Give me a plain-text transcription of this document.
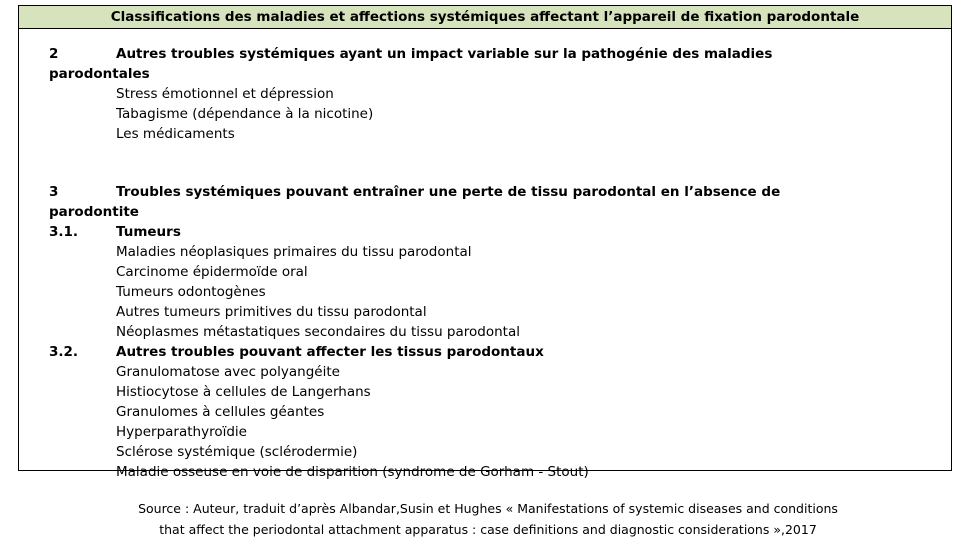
Classifications des maladies et affections systémiques affectant l’appareil de fixation parodontale
2	Autres troubles systémiques ayant un impact variable sur la pathogénie des maladies
parodontales
Stress émotionnel et dépression
Tabagisme (dépendance à la nicotine)
Les médicaments
3	Troubles systémiques pouvant entraîner une perte de tissu parodontal en l’absence de
parodontite
3.1.	Tumeurs
Maladies néoplasiques primaires du tissu parodontal
Carcinome épidermoïde oral
Tumeurs odontogènes
Autres tumeurs primitives du tissu parodontal
Néoplasmes métastatiques secondaires du tissu parodontal
3.2.	Autres troubles pouvant affecter les tissus parodontaux
Granulomatose avec polyangéite
Histiocytose à cellules de Langerhans
Granulomes à cellules géantes
Hyperparathyroïdie
Sclérose systémique (sclérodermie)
Maladie osseuse en voie de disparition (syndrome de Gorham - Stout)
Source : Auteur, traduit d’après Albandar,Susin et Hughes « Manifestations of systemic diseases and conditions
that affect the periodontal attachment apparatus : case definitions and diagnostic considerations »,2017
